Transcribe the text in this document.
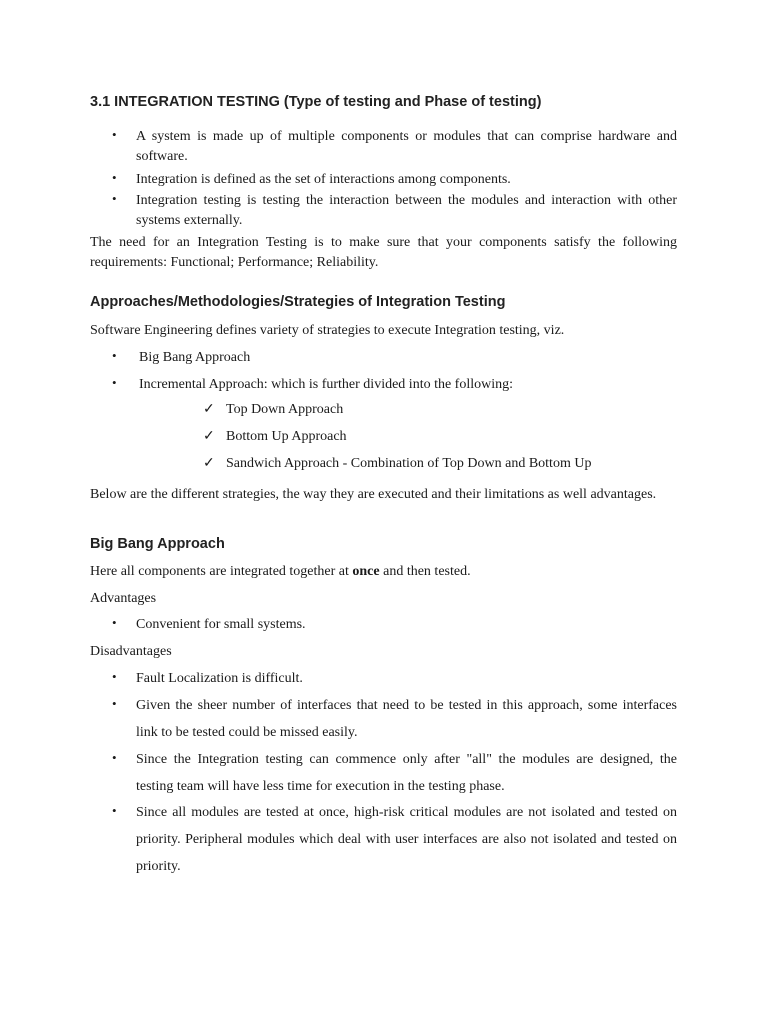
3.1 INTEGRATION TESTING (Type of testing and Phase of testing)
• A system is made up of multiple components or modules that can comprise hardware and software.
• Integration is defined as the set of interactions among components.
• Integration testing is testing the interaction between the modules and interaction with other systems externally.
The need for an Integration Testing is to make sure that your components satisfy the following requirements: Functional; Performance; Reliability.
Approaches/Methodologies/Strategies of Integration Testing
Software Engineering defines variety of strategies to execute Integration testing, viz.
• Big Bang Approach
• Incremental Approach: which is further divided into the following:
✓ Top Down Approach
✓ Bottom Up Approach
✓ Sandwich Approach - Combination of Top Down and Bottom Up
Below are the different strategies, the way they are executed and their limitations as well advantages.
Big Bang Approach
Here all components are integrated together at once and then tested.
Advantages
• Convenient for small systems.
Disadvantages
• Fault Localization is difficult.
• Given the sheer number of interfaces that need to be tested in this approach, some interfaces link to be tested could be missed easily.
• Since the Integration testing can commence only after "all" the modules are designed, the testing team will have less time for execution in the testing phase.
• Since all modules are tested at once, high-risk critical modules are not isolated and tested on priority. Peripheral modules which deal with user interfaces are also not isolated and tested on priority.
